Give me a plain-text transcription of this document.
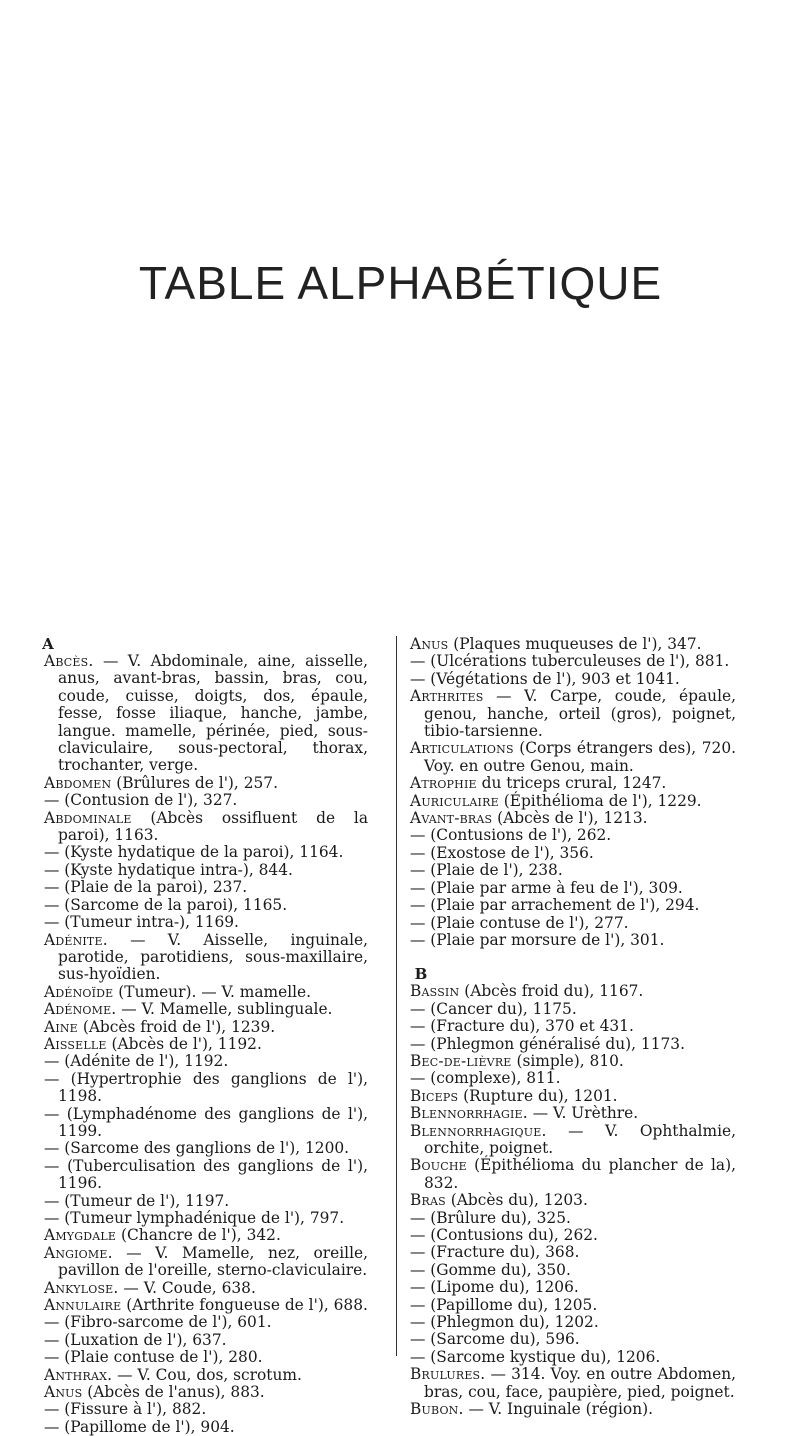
TABLE ALPHABÉTIQUE

A

Abcès. — V. Abdominale, aine, aisselle, anus, avant-bras, bassin, bras, cou, coude, cuisse, doigts, dos, épaule, fesse, fosse iliaque, hanche, jambe, langue. mamelle, périnée, pied, sous-claviculaire, sous-pectoral, thorax, trochanter, verge.

Abdomen (Brûlures de l'), 257.

— (Contusion de l'), 327.

Abdominale (Abcès ossifluent de la paroi), 1163.

— (Kyste hydatique de la paroi), 1164.

— (Kyste hydatique intra-), 844.

— (Plaie de la paroi), 237.

— (Sarcome de la paroi), 1165.

— (Tumeur intra-), 1169.

Adénite. — V. Aisselle, inguinale, parotide, parotidiens, sous-maxillaire, sus-hyoïdien.

Adénoïde (Tumeur). — V. mamelle.

Adénome. — V. Mamelle, sublinguale.

Aine (Abcès froid de l'), 1239.

Aisselle (Abcès de l'), 1192.

— (Adénite de l'), 1192.

— (Hypertrophie des ganglions de l'), 1198.

— (Lymphadénome des ganglions de l'), 1199.

— (Sarcome des ganglions de l'), 1200.

— (Tuberculisation des ganglions de l'), 1196.

— (Tumeur de l'), 1197.

— (Tumeur lymphadénique de l'), 797.

Amygdale (Chancre de l'), 342.

Angiome. — V. Mamelle, nez, oreille, pavillon de l'oreille, sterno-claviculaire.

Ankylose. — V. Coude, 638.

Annulaire (Arthrite fongueuse de l'), 688.

— (Fibro-sarcome de l'), 601.

— (Luxation de l'), 637.

— (Plaie contuse de l'), 280.

Anthrax. — V. Cou, dos, scrotum.

Anus (Abcès de l'anus), 883.

— (Fissure à l'), 882.

— (Papillome de l'), 904.

Anus (Plaques muqueuses de l'), 347.

— (Ulcérations tuberculeuses de l'), 881.

— (Végétations de l'), 903 et 1041.

Arthrites — V. Carpe, coude, épaule, genou, hanche, orteil (gros), poignet, tibio-tarsienne.

Articulations (Corps étrangers des), 720. Voy. en outre Genou, main.

Atrophie du triceps crural, 1247.

Auriculaire (Épithélioma de l'), 1229.

Avant-bras (Abcès de l'), 1213.

— (Contusions de l'), 262.

— (Exostose de l'), 356.

— (Plaie de l'), 238.

— (Plaie par arme à feu de l'), 309.

— (Plaie par arrachement de l'), 294.

— (Plaie contuse de l'), 277.

— (Plaie par morsure de l'), 301.

B

Bassin (Abcès froid du), 1167.

— (Cancer du), 1175.

— (Fracture du), 370 et 431.

— (Phlegmon généralisé du), 1173.

Bec-de-lièvre (simple), 810.

— (complexe), 811.

Biceps (Rupture du), 1201.

Blennorrhagie. — V. Urèthre.

Blennorrhagique. — V. Ophthalmie, orchite, poignet.

Bouche (Épithélioma du plancher de la), 832.

Bras (Abcès du), 1203.

— (Brûlure du), 325.

— (Contusions du), 262.

— (Fracture du), 368.

— (Gomme du), 350.

— (Lipome du), 1206.

— (Papillome du), 1205.

— (Phlegmon du), 1202.

— (Sarcome du), 596.

— (Sarcome kystique du), 1206.

Brulures. — 314. Voy. en outre Abdomen, bras, cou, face, paupière, pied, poignet.

Bubon. — V. Inguinale (région).
